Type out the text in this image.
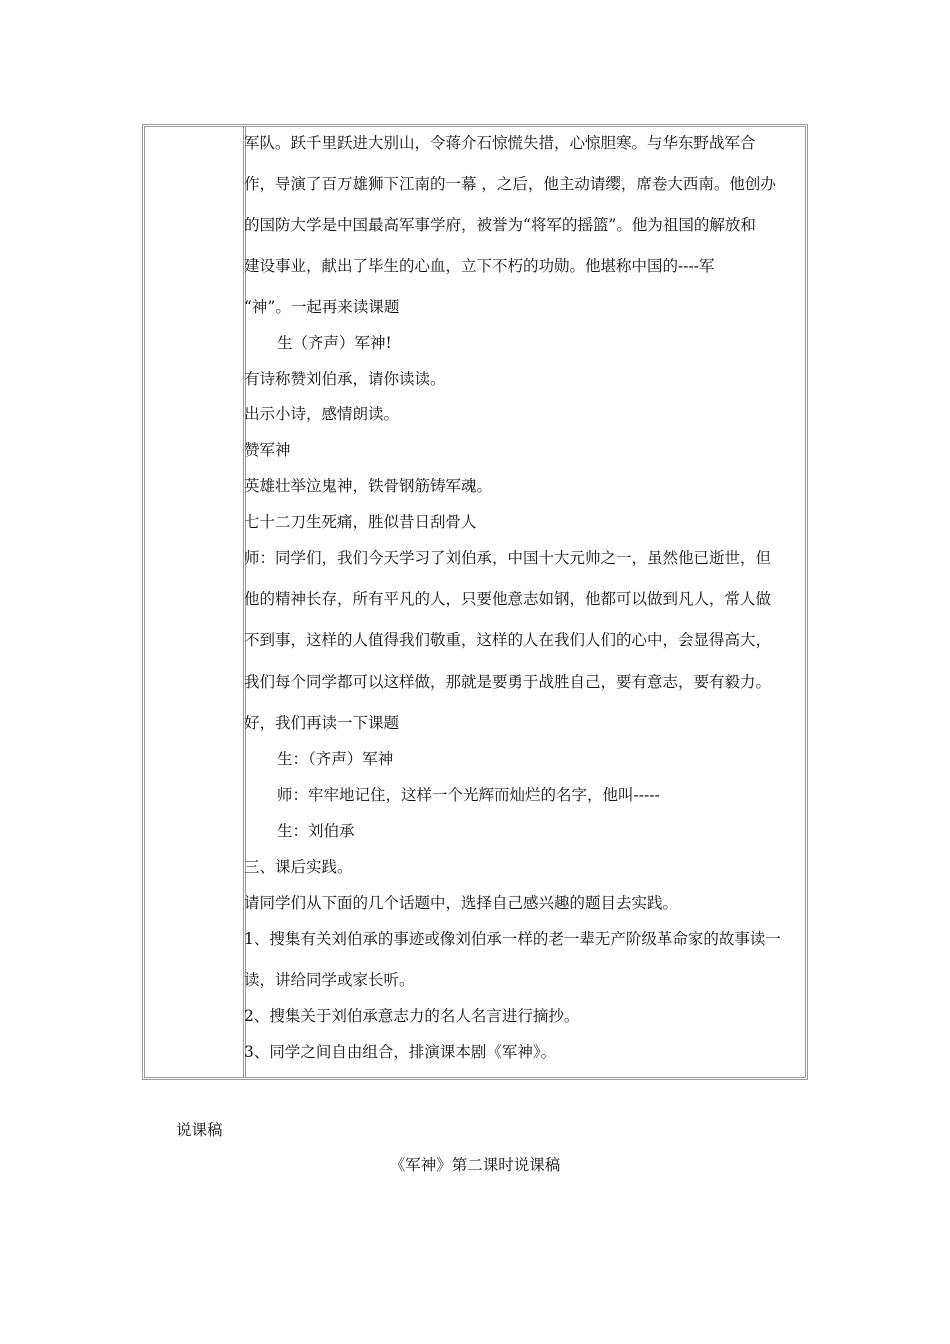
军队。跃千里跃进大别山，令蒋介石惊慌失措，心惊胆寒。与华东野战军合
作，导演了百万雄狮下江南的一幕 ，之后，他主动请缨，席卷大西南。他创办
的国防大学是中国最高军事学府，被誉为“将军的摇篮”。他为祖国的解放和
建设事业，献出了毕生的心血，立下不朽的功勋。他堪称中国的----军
“神”。一起再来读课题
生（齐声）军神!
有诗称赞刘伯承，请你读读。
出示小诗，感情朗读。
赞军神
英雄壮举泣鬼神，铁骨钢筋铸军魂。
七十二刀生死痛，胜似昔日刮骨人
师：同学们，我们今天学习了刘伯承，中国十大元帅之一，虽然他已逝世，但
他的精神长存，所有平凡的人，只要他意志如钢，他都可以做到凡人，常人做
不到事，这样的人值得我们敬重，这样的人在我们人们的心中，会显得高大，
我们每个同学都可以这样做，那就是要勇于战胜自己，要有意志，要有毅力。
好，我们再读一下课题
生：（齐声）军神
师：牢牢地记住，这样一个光辉而灿烂的名字，他叫-----
生：刘伯承
三、课后实践。
请同学们从下面的几个话题中，选择自己感兴趣的题目去实践。
1、搜集有关刘伯承的事迹或像刘伯承一样的老一辈无产阶级革命家的故事读一
读，讲给同学或家长听。
2、搜集关于刘伯承意志力的名人名言进行摘抄。
3、同学之间自由组合，排演课本剧《军神》。
说课稿
《军神》第二课时说课稿
